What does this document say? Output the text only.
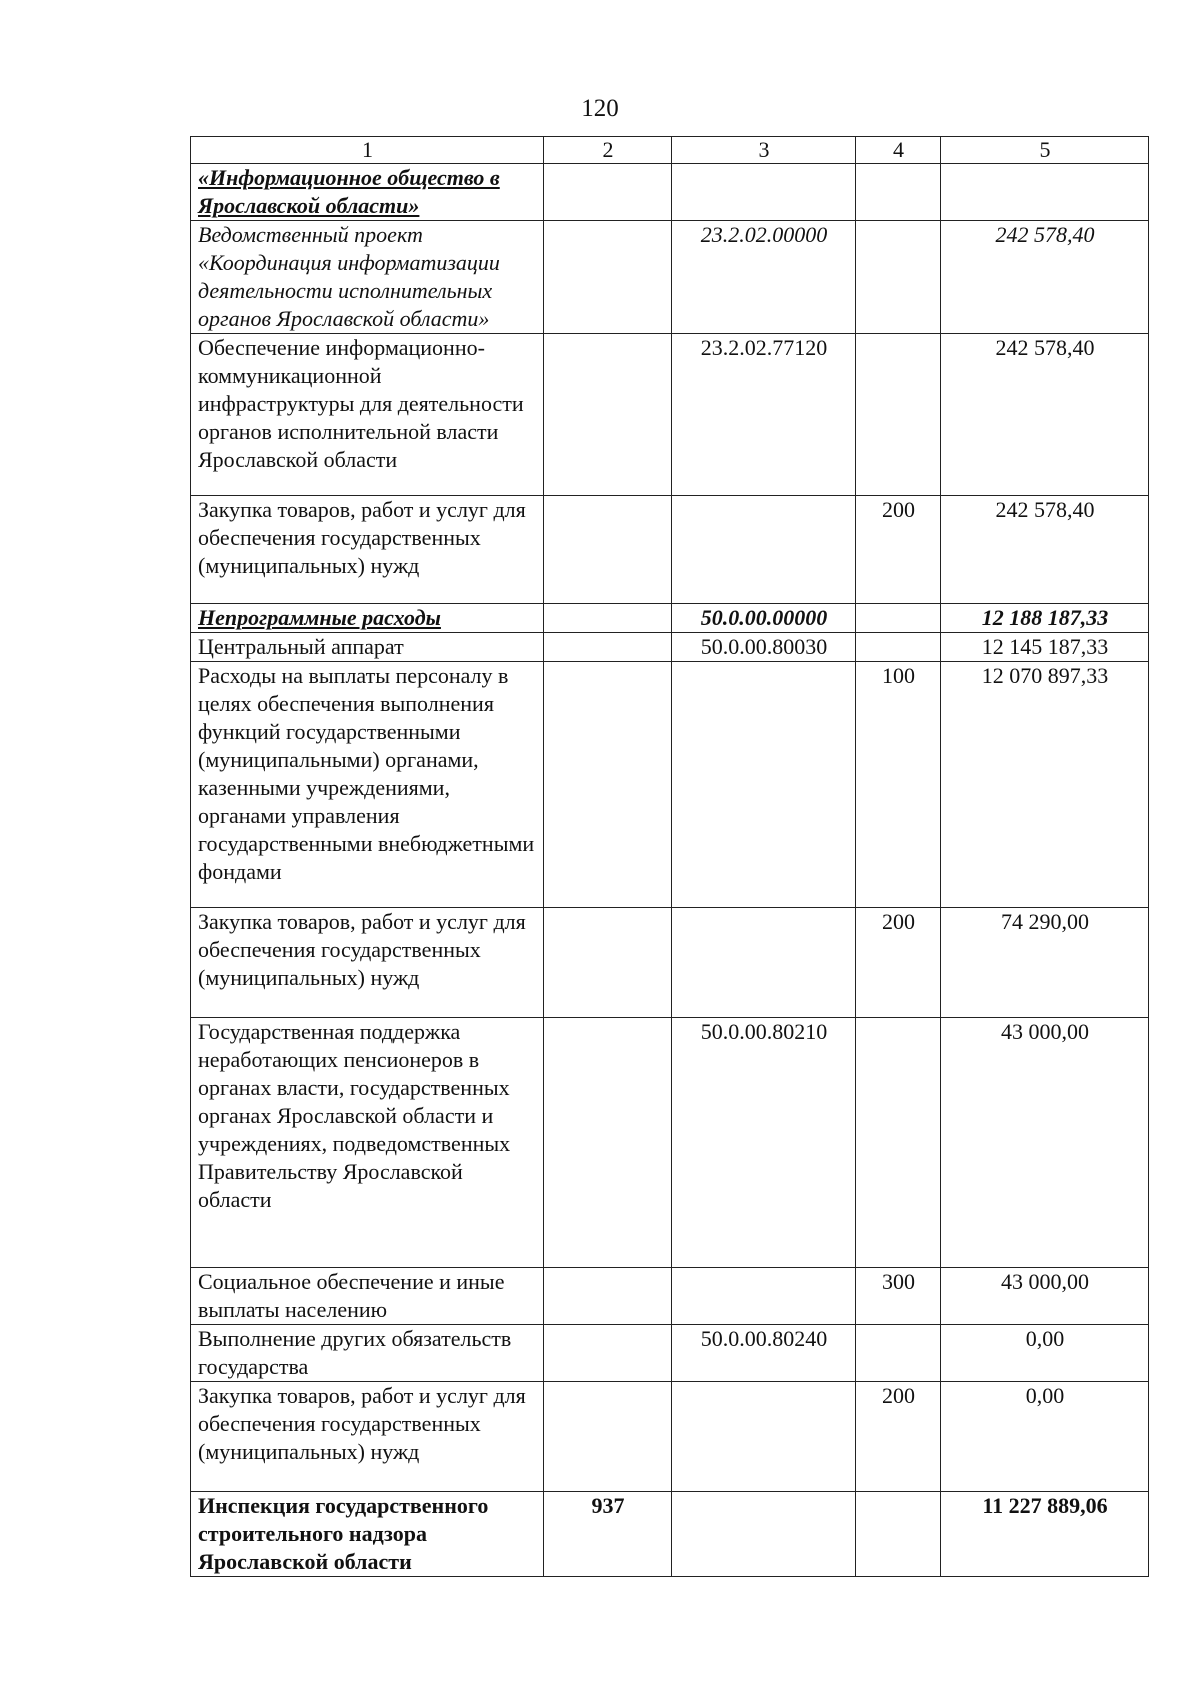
120
1	2	3	4	5
«Информационное общество в Ярославской области»				
Ведомственный проект «Координация информатизации деятельности исполнительных органов Ярославской области»		23.2.02.00000		242 578,40
Обеспечение информационно-коммуникационной инфраструктуры для деятельности органов исполнительной власти Ярославской области		23.2.02.77120		242 578,40
Закупка товаров, работ и услуг для обеспечения государственных (муниципальных) нужд			200	242 578,40
Непрограммные расходы		50.0.00.00000		12 188 187,33
Центральный аппарат		50.0.00.80030		12 145 187,33
Расходы на выплаты персоналу в целях обеспечения выполнения функций государственными (муниципальными) органами, казенными учреждениями, органами управления государственными внебюджетными фондами			100	12 070 897,33
Закупка товаров, работ и услуг для обеспечения государственных (муниципальных) нужд			200	74 290,00
Государственная поддержка неработающих пенсионеров в органах власти, государственных органах Ярославской области и учреждениях, подведомственных Правительству Ярославской области		50.0.00.80210		43 000,00
Социальное обеспечение и иные выплаты населению			300	43 000,00
Выполнение других обязательств государства		50.0.00.80240		0,00
Закупка товаров, работ и услуг для обеспечения государственных (муниципальных) нужд			200	0,00
Инспекция государственного строительного надзора Ярославской области	937			11 227 889,06
